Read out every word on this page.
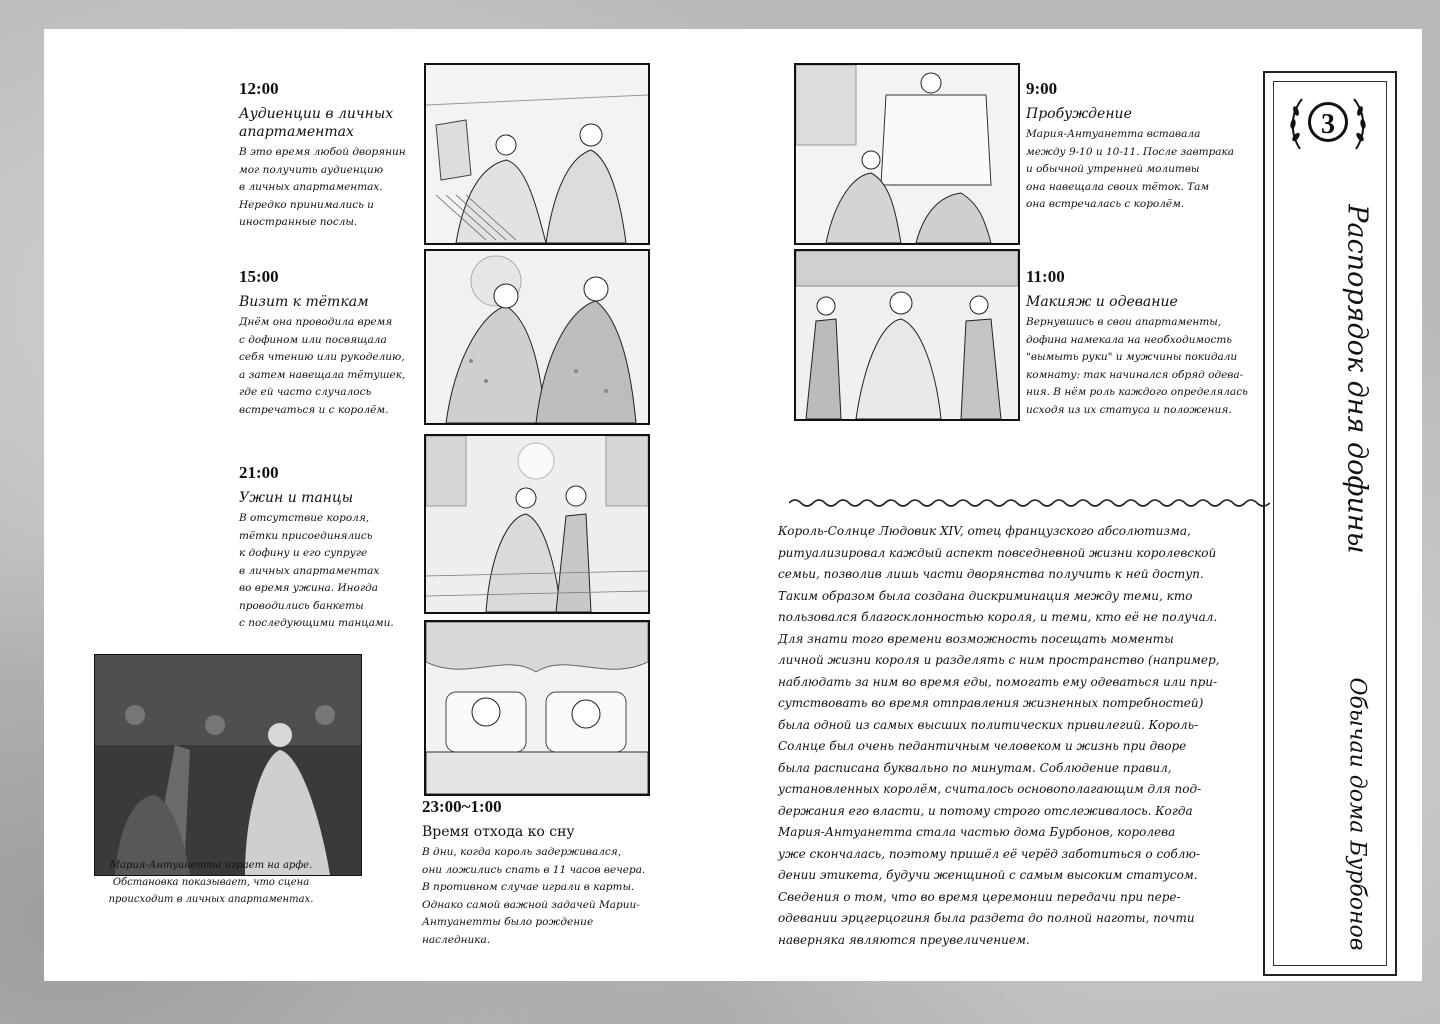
12:00
Аудиенции в личных
апартаментах
В это время любой дворянин
мог получить аудиенцию
в личных апартаментах.
Нередко принимались и
иностранные послы.
15:00
Визит к тёткам
Днём она проводила время
с дофином или посвящала
себя чтению или рукоделию,
а затем навещала тётушек,
где ей часто случалось
встречаться и с королём.
21:00
Ужин и танцы
В отсутствие короля,
тётки присоединялись
к дофину и его супруге
в личных апартаментах
во время ужина. Иногда
проводились банкеты
с последующими танцами.
23:00~1:00
Время отхода ко сну
В дни, когда король задерживался,
они ложились спать в 11 часов вечера.
В противном случае играли в карты.
Однако самой важной задачей Марии-
Антуанетты было рождение
наследника.
Мария-Антуанетта играет на арфе.
Обстановка показывает, что сцена
происходит в личных апартаментах.
9:00
Пробуждение
Мария-Антуанетта вставала
между 9-10 и 10-11. После завтрака
и обычной утренней молитвы
она навещала своих тёток. Там
она встречалась с королём.
11:00
Макияж и одевание
Вернувшись в свои апартаменты,
дофина намекала на необходимость
"вымыть руки" и мужчины покидали
комнату: так начинался обряд одева-
ния. В нём роль каждого определялась
исходя из их статуса и положения.
Король-Солнце Людовик XIV, отец французского абсолютизма,
ритуализировал каждый аспект повседневной жизни королевской
семьи, позволив лишь части дворянства получить к ней доступ.
Таким образом была создана дискриминация между теми, кто
пользовался благосклонностью короля, и теми, кто её не получал.
Для знати того времени возможность посещать моменты
личной жизни короля и разделять с ним пространство (например,
наблюдать за ним во время еды, помогать ему одеваться или при-
сутствовать во время отправления жизненных потребностей)
была одной из самых высших политических привилегий. Король-
Солнце был очень педантичным человеком и жизнь при дворе
была расписана буквально по минутам. Соблюдение правил,
установленных королём, считалось основополагающим для под-
держания его власти, и потому строго отслеживалось. Когда
Мария-Антуанетта стала частью дома Бурбонов, королева
уже скончалась, поэтому пришёл её черёд заботиться о соблю-
дении этикета, будучи женщиной с самым высоким статусом.
Сведения о том, что во время церемонии передачи при пере-
одевании эрцгерцогиня была раздета до полной наготы, почти
наверняка являются преувеличением.
3
Распорядок дня дофины
Обычаи дома Бурбонов
